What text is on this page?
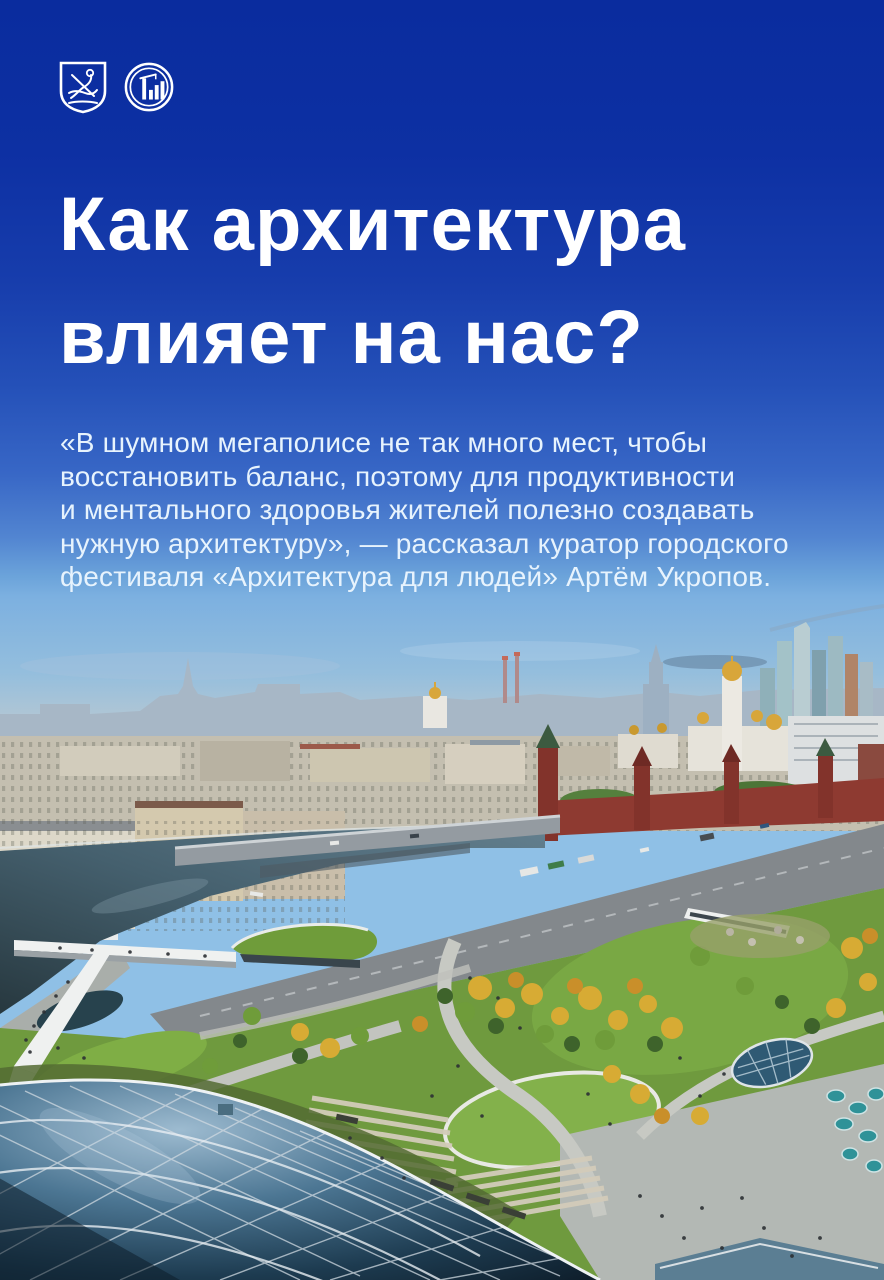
Как архитектура
влияет на нас?
«В шумном мегаполисе не так много мест, чтобы
восстановить баланс, поэтому для продуктивности
и ментального здоровья жителей полезно создавать
нужную архитектуру», — рассказал куратор городского
фестиваля «Архитектура для людей» Артём Укропов.
